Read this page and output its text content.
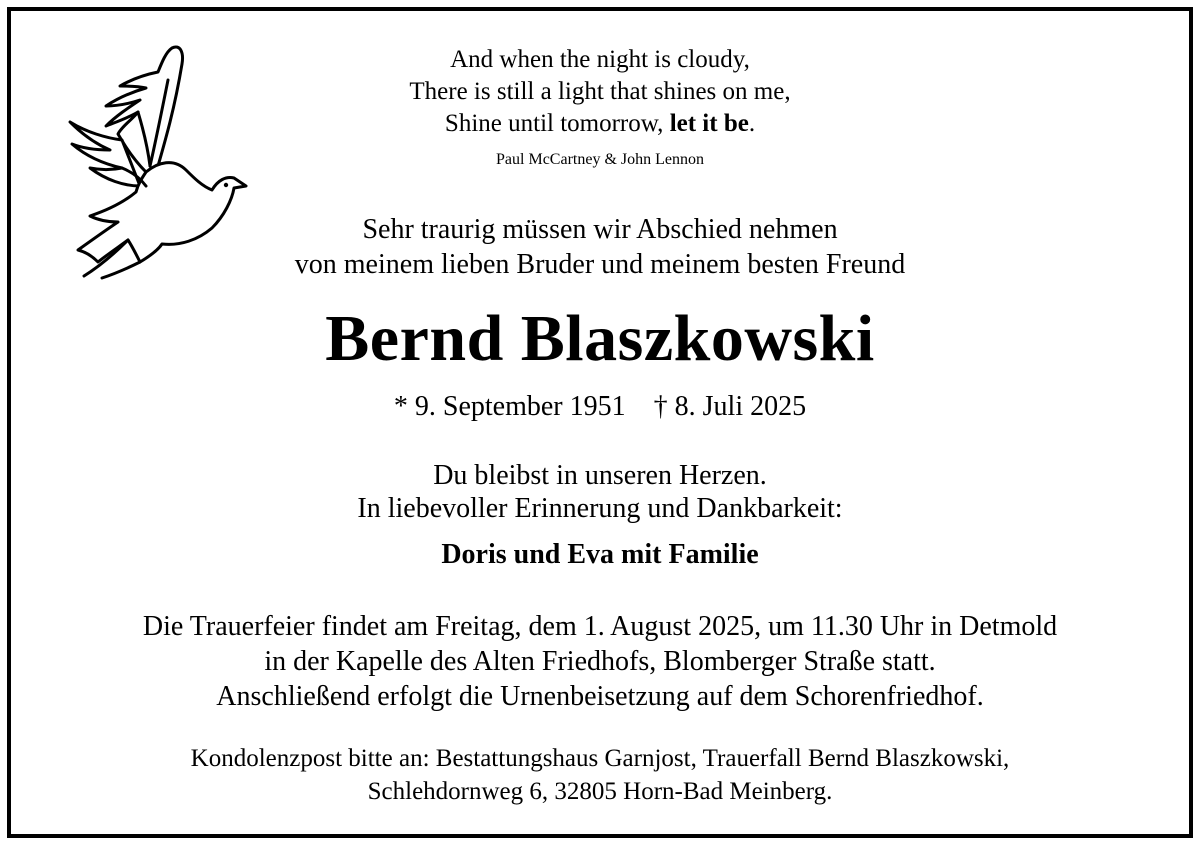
And when the night is cloudy,
There is still a light that shines on me,
Shine until tomorrow, let it be.
Paul McCartney & John Lennon
Sehr traurig müssen wir Abschied nehmen
von meinem lieben Bruder und meinem besten Freund
Bernd Blaszkowski
* 9. September 1951 † 8. Juli 2025
Du bleibst in unseren Herzen.
In liebevoller Erinnerung und Dankbarkeit:
Doris und Eva mit Familie
Die Trauerfeier findet am Freitag, dem 1. August 2025, um 11.30 Uhr in Detmold
in der Kapelle des Alten Friedhofs, Blomberger Straße statt.
Anschließend erfolgt die Urnenbeisetzung auf dem Schorenfriedhof.
Kondolenzpost bitte an: Bestattungshaus Garnjost, Trauerfall Bernd Blaszkowski,
Schlehdornweg 6, 32805 Horn-Bad Meinberg.
